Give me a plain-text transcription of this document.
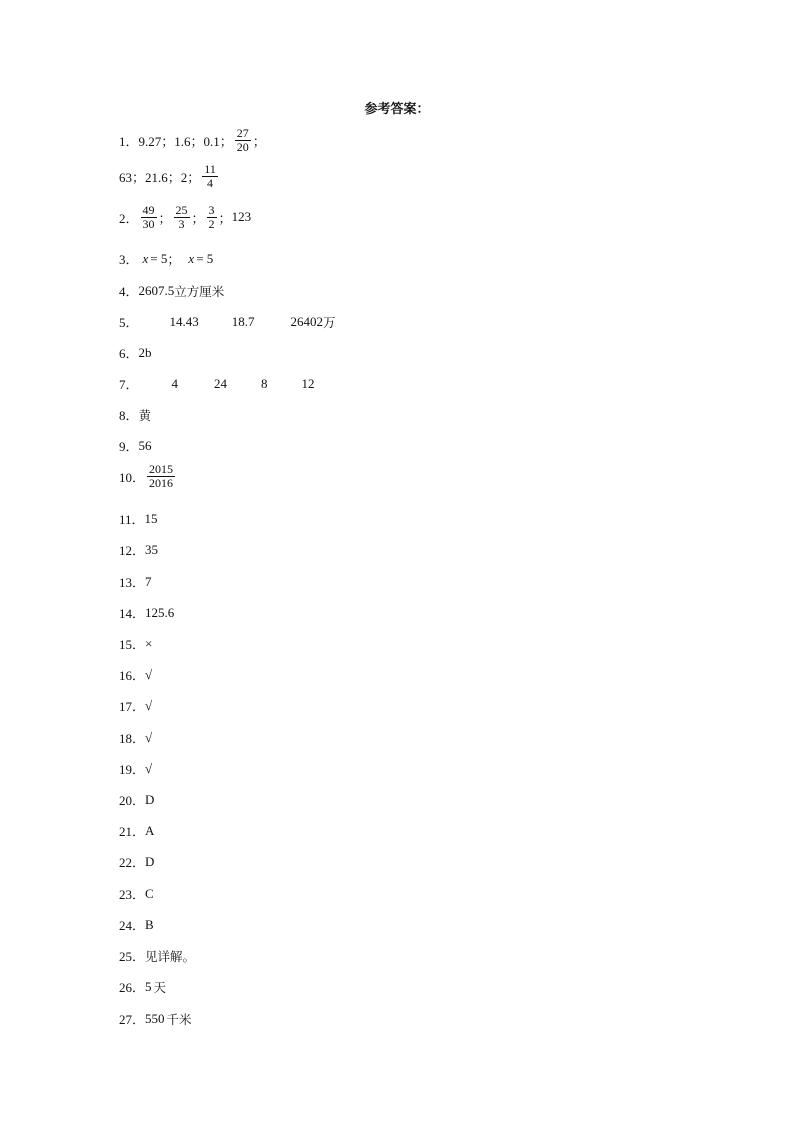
参考答案：
1． 9.27；1.6；0.1； $\frac{27}{20}$ ；
63；21.6；2； $\frac{11}{4}$
2． $\frac{49}{30}$ ； $\frac{25}{3}$ ； $\frac{3}{2}$ ； 123
3． x = 5 ； x = 5
4． 2607.5 立方厘米
5． 14.43	18.7	26402 万
6． 2b
7．	4	24	8	12
8． 黄
9． 56
10． $\frac{2015}{2016}$
11． 15
12． 35
13． 7
14． 125.6
15． ×
16． √
17． √
18． √
19． √
20． D
21． A
22． D
23． C
24． B
25． 见详解。
26． 5 天
27． 550 千米
